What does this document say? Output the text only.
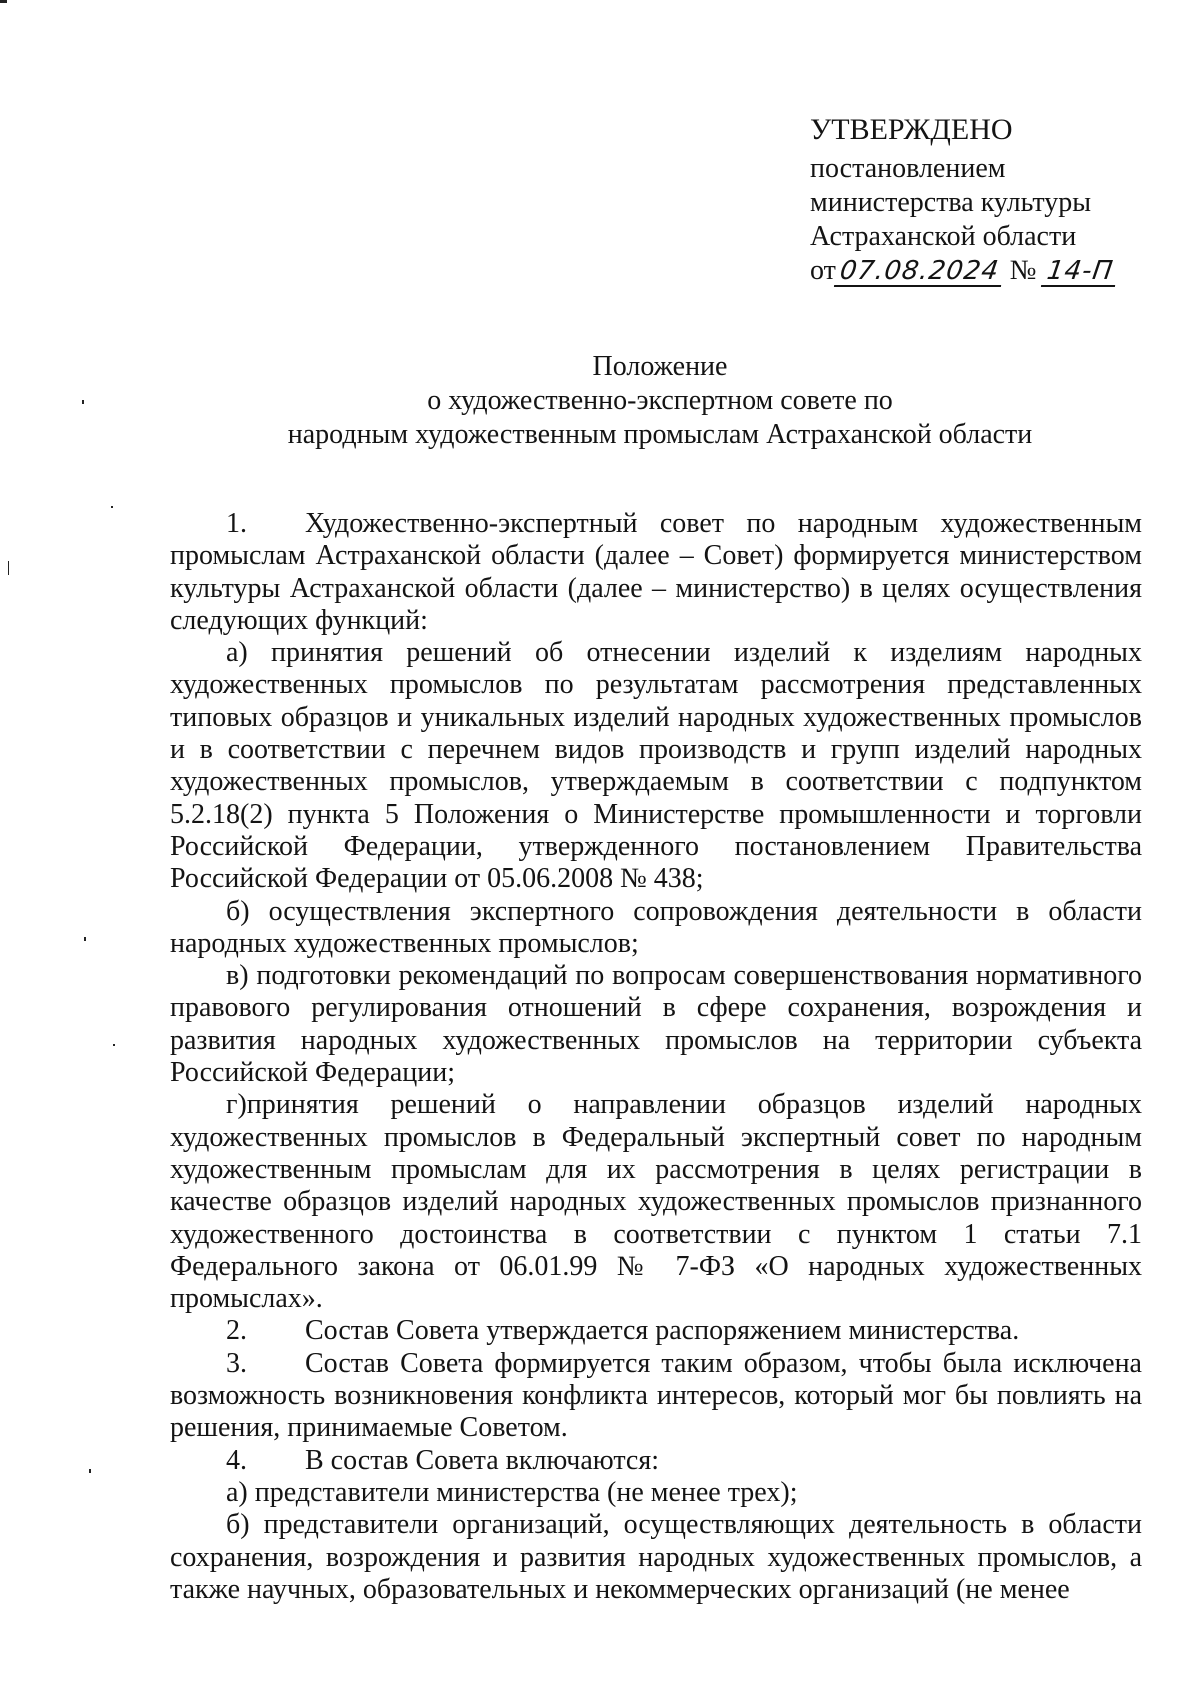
УТВЕРЖДЕНО
постановлением
министерства культуры
Астраханской области
от07.08.2024 № 14-П
Положение
о художественно-экспертном совете по
народным художественным промыслам Астраханской области

1. Художественно-экспертный совет по народным художественным промыслам Астраханской области (далее – Совет) формируется министерством культуры Астраханской области (далее – министерство) в целях осуществления следующих функций:

а) принятия решений об отнесении изделий к изделиям народных художественных промыслов по результатам рассмотрения представленных типовых образцов и уникальных изделий народных художественных промыслов и в соответствии с перечнем видов производств и групп изделий народных художественных промыслов, утверждаемым в соответствии с подпунктом 5.2.18(2) пункта 5 Положения о Министерстве промышленности и торговли Российской Федерации, утвержденного постановлением Правительства Российской Федерации от 05.06.2008 № 438;

б) осуществления экспертного сопровождения деятельности в области народных художественных промыслов;

в) подготовки рекомендаций по вопросам совершенствования нормативного правового регулирования отношений в сфере сохранения, возрождения и развития народных художественных промыслов на территории субъекта Российской Федерации;

г)принятия решений о направлении образцов изделий народных художественных промыслов в Федеральный экспертный совет по народным художественным промыслам для их рассмотрения в целях регистрации в качестве образцов изделий народных художественных промыслов признанного художественного достоинства в соответствии с пунктом 1 статьи 7.1 Федерального закона от 06.01.99 № 7-ФЗ «О народных художественных промыслах».

2. Состав Совета утверждается распоряжением министерства.

3. Состав Совета формируется таким образом, чтобы была исключена возможность возникновения конфликта интересов, который мог бы повлиять на решения, принимаемые Советом.

4. В состав Совета включаются:

а) представители министерства (не менее трех);

б) представители организаций, осуществляющих деятельность в области сохранения, возрождения и развития народных художественных промыслов, а также научных, образовательных и некоммерческих организаций (не менее
